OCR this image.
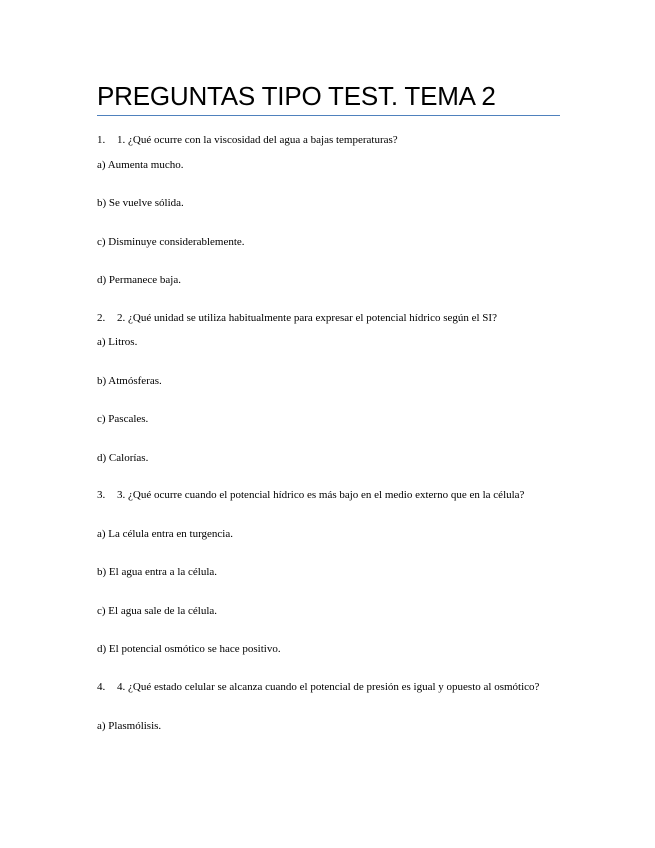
PREGUNTAS TIPO TEST. TEMA 2
1.	1. ¿Qué ocurre con la viscosidad del agua a bajas temperaturas?
a) Aumenta mucho.
b) Se vuelve sólida.
c) Disminuye considerablemente.
d) Permanece baja.
2.	2. ¿Qué unidad se utiliza habitualmente para expresar el potencial hídrico según el SI?
a) Litros.
b) Atmósferas.
c) Pascales.
d) Calorías.
3.	3. ¿Qué ocurre cuando el potencial hídrico es más bajo en el medio externo que en la célula?
a) La célula entra en turgencia.
b) El agua entra a la célula.
c) El agua sale de la célula.
d) El potencial osmótico se hace positivo.
4.	4. ¿Qué estado celular se alcanza cuando el potencial de presión es igual y opuesto al osmótico?
a) Plasmólisis.
